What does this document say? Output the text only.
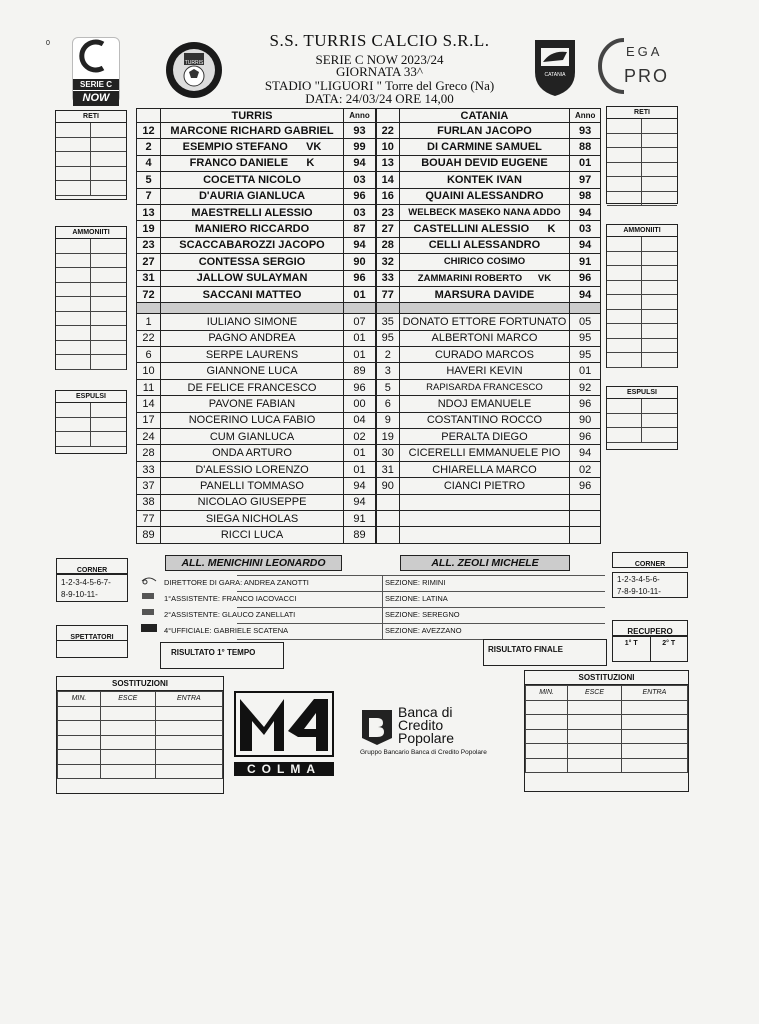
0
SERIE C
NOW
TURRIS
S.S. TURRIS CALCIO S.R.L.
SERIE C NOW 2023/24
GIORNATA 33^
STADIO "LIGUORI " Torre del Greco (Na)
DATA: 24/03/24 ORE 14,00
CATANIA
EGA
PRO
	TURRIS	Anno
12	MARCONE RICHARD GABRIEL	93
2	ESEMPIO STEFANO      VK	99
4	FRANCO DANIELE      K	94
5	COCETTA NICOLO	03
7	D'AURIA GIANLUCA	96
13	MAESTRELLI ALESSIO	03
19	MANIERO RICCARDO	87
23	SCACCABAROZZI JACOPO	94
27	CONTESSA SERGIO	90
31	JALLOW SULAYMAN	96
72	SACCANI MATTEO	01

1	IULIANO SIMONE	07
22	PAGNO ANDREA	01
6	SERPE LAURENS	01
10	GIANNONE LUCA	89
11	DE FELICE FRANCESCO	96
14	PAVONE FABIAN	00
17	NOCERINO LUCA FABIO	04
24	CUM GIANLUCA	02
28	ONDA ARTURO	01
33	D'ALESSIO LORENZO	01
37	PANELLI TOMMASO	94
38	NICOLAO GIUSEPPE	94
77	SIEGA NICHOLAS	91
89	RICCI LUCA	89
	CATANIA	Anno
22	FURLAN JACOPO	93
10	DI CARMINE SAMUEL	88
13	BOUAH DEVID EUGENE	01
14	KONTEK IVAN	97
16	QUAINI ALESSANDRO	98
23	WELBECK MASEKO NANA ADDO	94
27	CASTELLINI ALESSIO      K	03
28	CELLI ALESSANDRO	94
32	CHIRICO COSIMO	91
33	ZAMMARINI ROBERTO      VK	96
77	MARSURA DAVIDE	94

35	DONATO ETTORE FORTUNATO	05
95	ALBERTONI MARCO	95
2	CURADO MARCOS	95
3	HAVERI KEVIN	01
5	RAPISARDA FRANCESCO	92
6	NDOJ EMANUELE	96
9	COSTANTINO ROCCO	90
19	PERALTA DIEGO	96
30	CICERELLI EMMANUELE PIO	94
31	CHIARELLA MARCO	02
90	CIANCI PIETRO	96

ALL. MENICHINI LEONARDO	ALL. ZEOLI MICHELE
RETI
AMMONIITI
ESPULSI
RETI
AMMONIITI
ESPULSI
CORNER
1-2-3-4-5-6-7-
8-9-10-11-
CORNER
1-2-3-4-5-6-
7-8-9-10-11-
DIRETTORE DI GARA: ANDREA ZANOTTI	SEZIONE: RIMINI
1°ASSISTENTE: FRANCO IACOVACCI	SEZIONE: LATINA
2°ASSISTENTE: GLAUCO ZANELLATI	SEZIONE: SEREGNO
4°UFFICIALE: GABRIELE SCATENA	SEZIONE: AVEZZANO
SPETTATORI
RISULTATO 1° TEMPO	RISULTATO FINALE
RECUPERO
1° T	2° T
SOSTITUZIONI
MIN.	ESCE	ENTRA

SOSTITUZIONI
MIN.	ESCE	ENTRA

COLMA
Banca di
Credito
Popolare
Gruppo Bancario Banca di Credito Popolare
